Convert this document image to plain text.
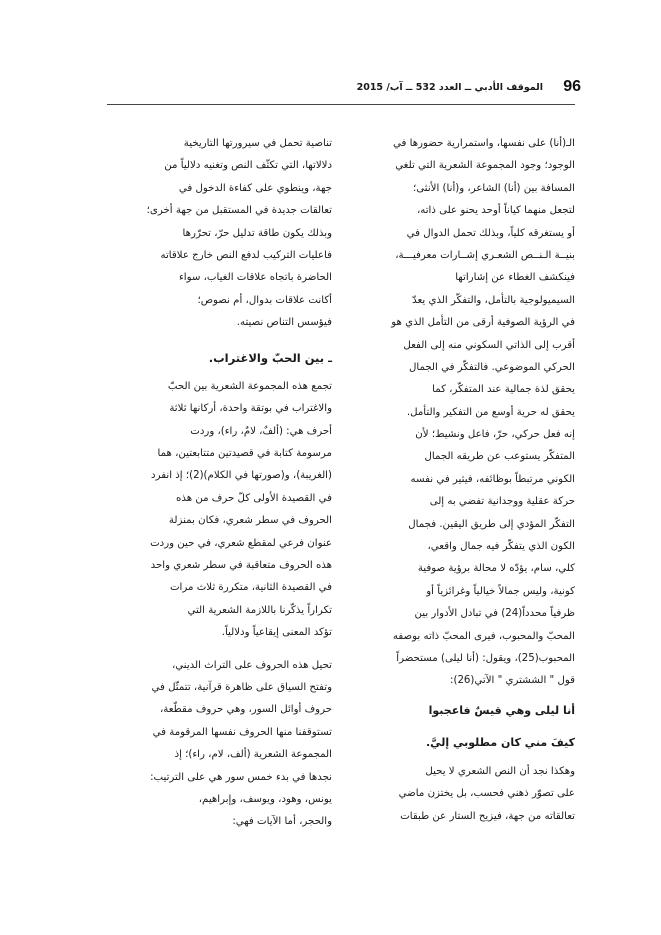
96
الموقف الأدبي ــ العدد 532 ــ آب/ 2015
الـ(أنا) على نفسها، واستمرارية حضورها في
الوجود؛ وجود المجموعة الشعرية التي تلغي
المسافة بين (أنا) الشاعر، و(أنا) الأنثى؛
لتجعل منهما كياناً أوحد يحنو على ذاته،
أو يستغرقه كلياً، وبذلك تحمل الدوال في
بنيــة الـنــص الشعـري إشــارات معرفيـــة،
فينكشف الغطاء عن إشاراتها
السيميولوجية بالتأمل، والتفكّر الذي يعدّ
في الرؤية الصوفية أرقى من التأمل الذي هو
أقرب إلى الذاتي السكوني منه إلى الفعل
الحركي الموضوعي. فالتفكّر في الجمال
يحقق لذة جمالية عند المتفكّر، كما
يحقق له حرية أوسع من التفكير والتأمل.
إنه فعل حركي، حرّ، فاعل ونشيط؛ لأن
المتفكّر يستوعب عن طريقه الجمال
الكوني مرتبطاً بوظائفه، فيثير في نفسه
حركة عقلية ووجدانية تفضي به إلى
التفكّر المؤدي إلى طريق اليقين. فجمال
الكون الذي يتفكّر فيه جمال واقعي،
كلي، سام، يؤدّه لا محالة برؤية صوفية
كونية، وليس جمالاً خيالياً وغرائزياً أو
ظرفياً محدداً(24) في تبادل الأدوار بين
المحبّ والمحبوب، فيرى المحبّ ذاته بوصفه
المحبوب(25)، ويقول: (أنا ليلى) مستحضراً
قول " الششتري " الآتي(26):
أنا ليلى وهي قيسٌ فاعجبوا
كيفَ مني كان مطلوبي إليَّ.
وهكذا نجد أن النص الشعري لا يحيل
على تصوّر ذهني فحسب، بل يختزن ماضي
تعالقاته من جهة، فيزيح الستار عن طبقات
تناصية تحمل في سيرورتها التاريخية
دلالاتها، التي تكثّف النص وتغنيه دلالياً من
جهة، وينطوي على كفاءة الدخول في
تعالقات جديدة في المستقبل من جهة أخرى؛
وبذلك يكون طاقة تدليل حرّ، تحرّرها
فاعليات التركيب لدفع النص خارج علاقاته
الحاضرة باتجاه علاقات الغياب، سواء
أكانت علاقات بدوال، أم نصوص؛
فيؤسس التناص نصيته.
ـ بين الحبّ والاغتراب.
تجمع هذه المجموعة الشعرية بين الحبّ
والاغتراب في بوتقة واحدة، أركانها ثلاثة
أحرف هي: (ألفٌ، لامٌ، راء)، وردت
مرسومة كتابة في قصيدتين متتابعتين، هما
(الغريبة)، و(صورتها في الكلام)(2)؛ إذ انفرد
في القصيدة الأولى كلّ حرف من هذه
الحروف في سطر شعري، فكان بمنزلة
عنوان فرعي لمقطع شعري، في حين وردت
هذه الحروف متعاقبة في سطر شعري واحد
في القصيدة الثانية، متكررة ثلاث مرات
تكراراً يذكّرنا باللازمة الشعرية التي
تؤكد المعنى إيقاعياً ودلالياً.
تحيل هذه الحروف على التراث الديني،
وتفتح السياق على ظاهرة قرآنية، تتمثّل في
حروف أوائل السور، وهي حروف مقطّعة،
تستوقفنا منها الحروف نفسها المرقومة في
المجموعة الشعرية (ألف، لام، راء)؛ إذ
نجدها في بدء خمس سور هي على الترتيب:
يونس، وهود، ويوسف، وإبراهيم،
والحجر، أما الآيات فهي:
